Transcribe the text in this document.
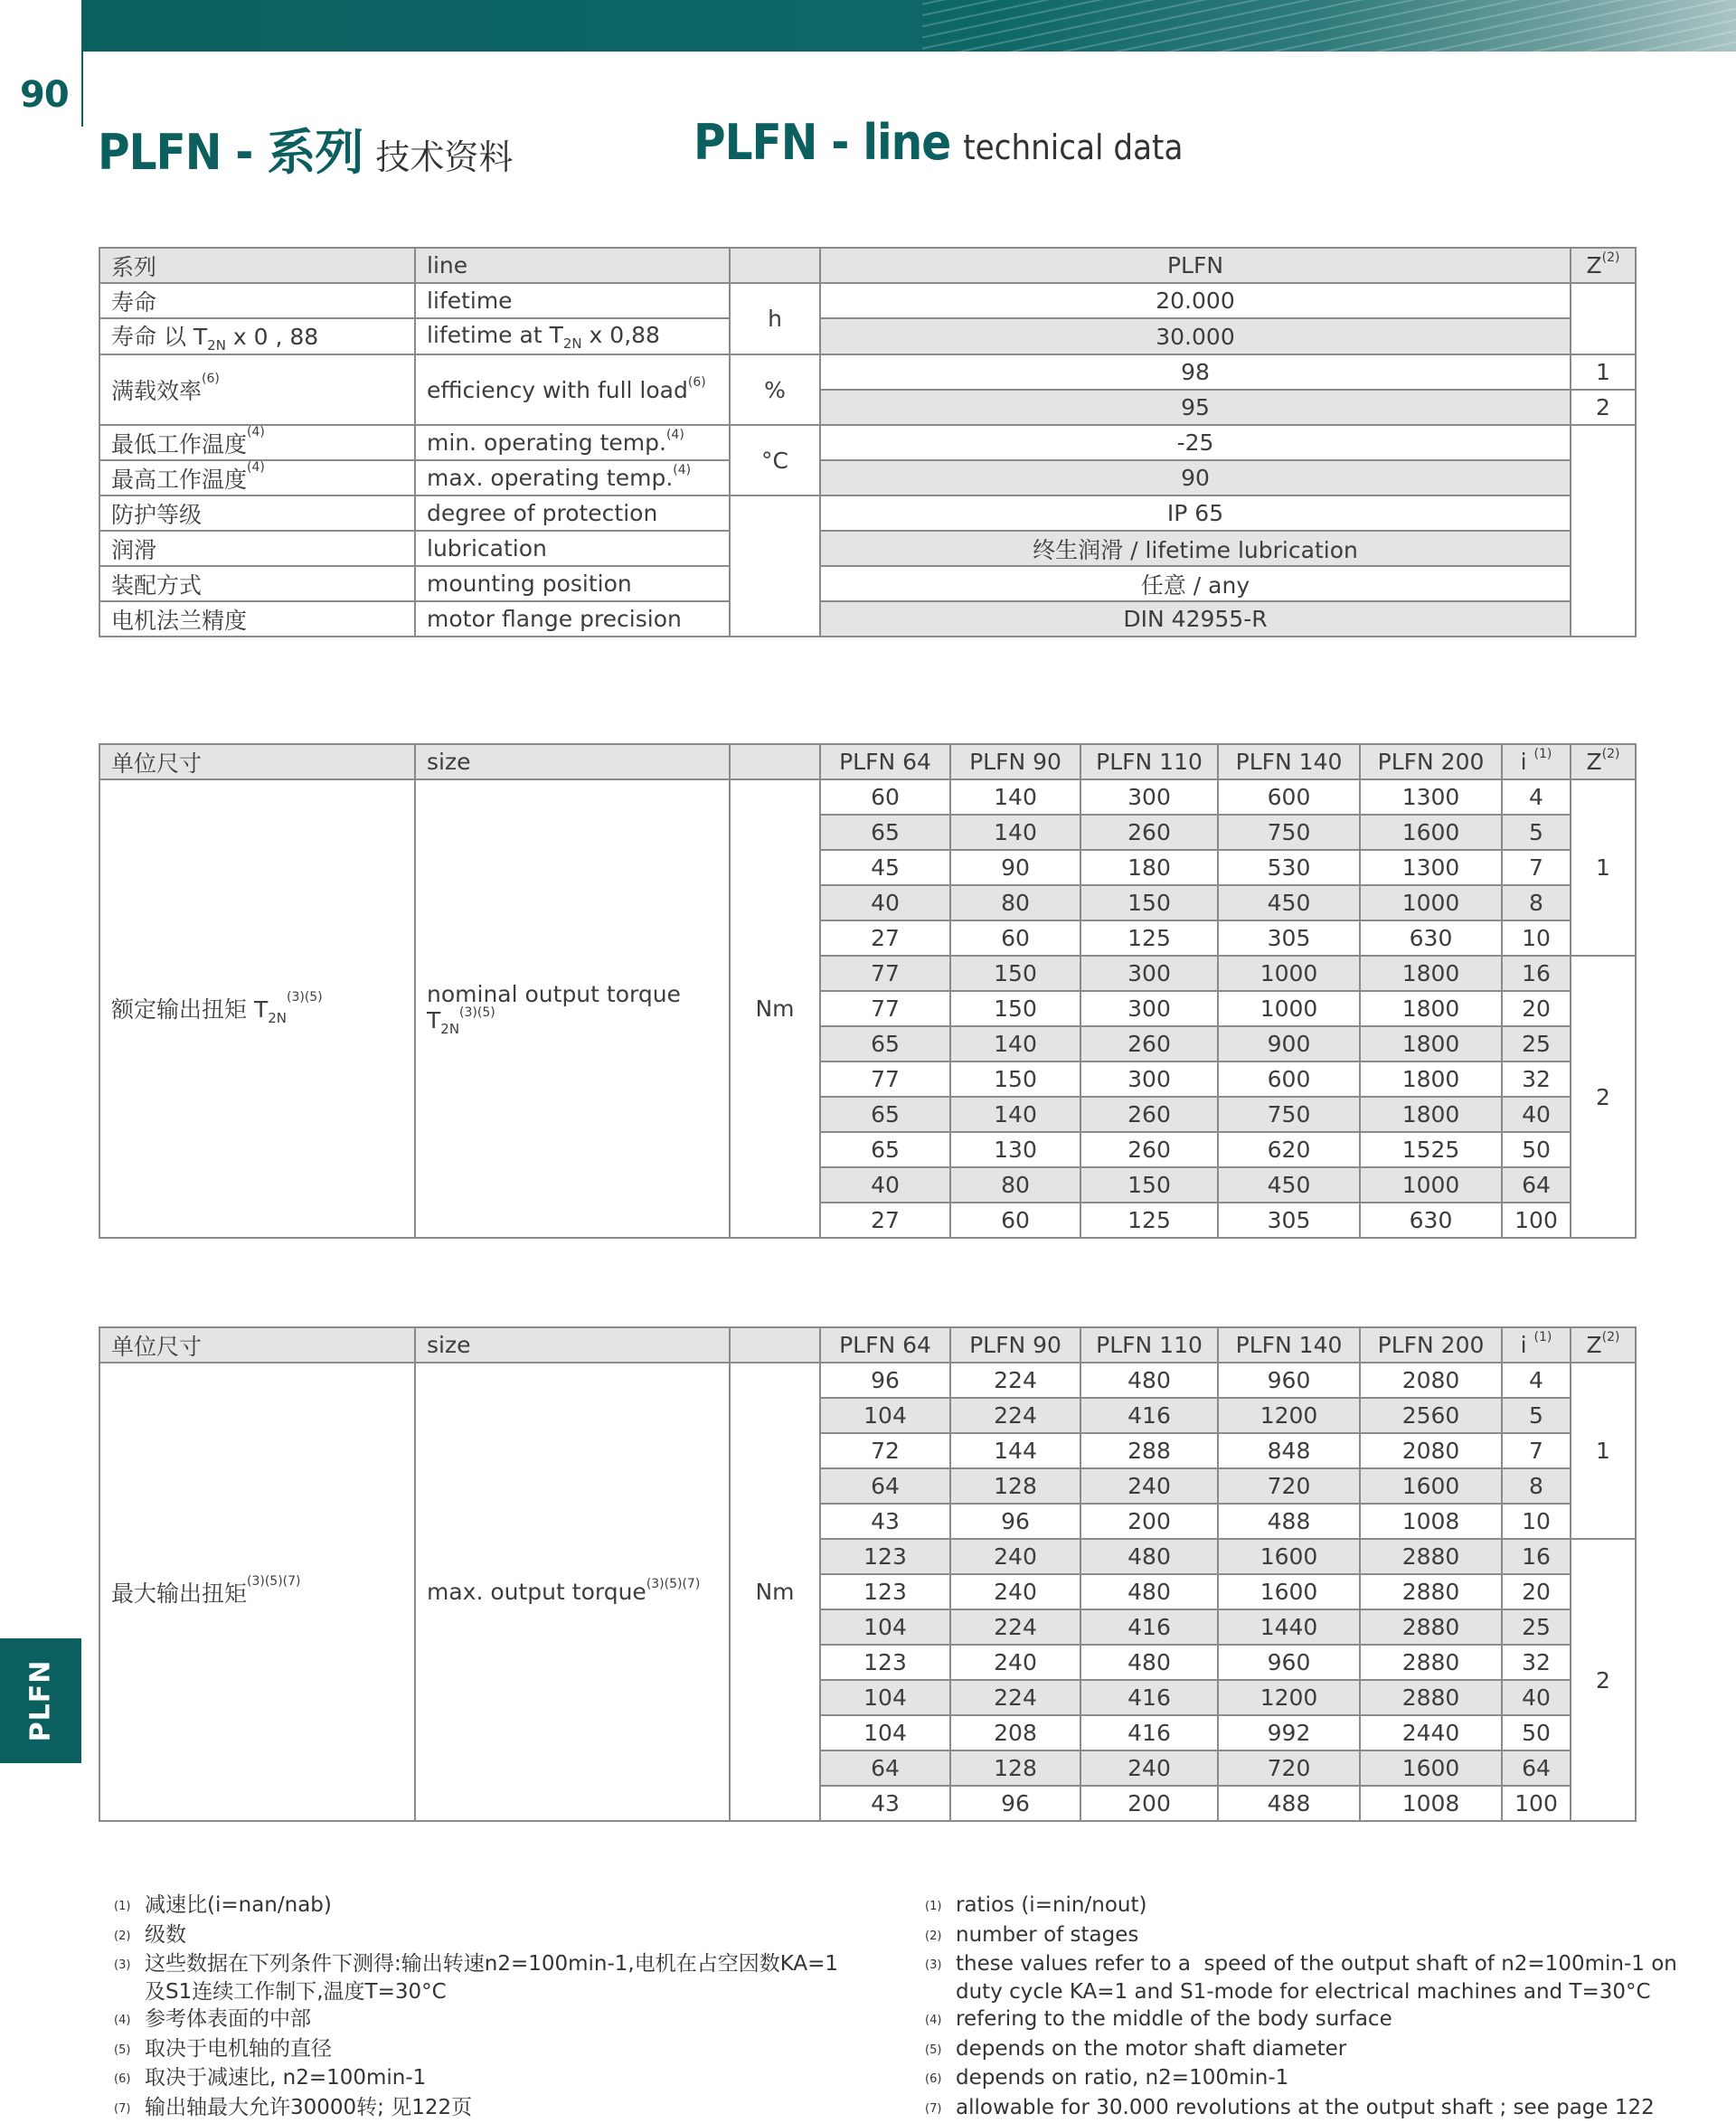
90
PLFN - 系列 技术资料	PLFN - line technical data
PLFN
系列	line		PLFN	$Z^{(2)}$
寿命	lifetime	h	20.000	
寿命 以 $T_{2N}$ x 0 , 88	lifetime at $T_{2N}$ x 0,88		30.000	
满载效率$^{(6)}$	efficiency with full load$^{(6)}$	%	98	1
			95	2
最低工作温度$^{(4)}$	min. operating temp.$^{(4)}$	°C	-25	
最高工作温度$^{(4)}$	max. operating temp.$^{(4)}$		90	
防护等级	degree of protection		IP 65	
润滑	lubrication		终生润滑 / lifetime lubrication	
装配方式	mounting position		任意 / any	
电机法兰精度	motor flange precision		DIN 42955-R	
单位尺寸	size		PLFN 64	PLFN 90	PLFN 110	PLFN 140	PLFN 200	i $^{(1)}$	$Z^{(2)}$
额定输出扭矩 $T_{2N}^{(3)(5)}$	nominal output torque
$T_{2N}^{(3)(5)}$	Nm	60	140	300	600	1300	4	1
			65	140	260	750	1600	5	
			45	90	180	530	1300	7	
			40	80	150	450	1000	8	
			27	60	125	305	630	10	
			77	150	300	1000	1800	16	2
			77	150	300	1000	1800	20	
			65	140	260	900	1800	25	
			77	150	300	600	1800	32	
			65	140	260	750	1800	40	
			65	130	260	620	1525	50	
			40	80	150	450	1000	64	
			27	60	125	305	630	100	
单位尺寸	size		PLFN 64	PLFN 90	PLFN 110	PLFN 140	PLFN 200	i $^{(1)}$	$Z^{(2)}$
最大输出扭矩$^{(3)(5)(7)}$	max. output torque$^{(3)(5)(7)}$	Nm	96	224	480	960	2080	4	1
			104	224	416	1200	2560	5	
			72	144	288	848	2080	7	
			64	128	240	720	1600	8	
			43	96	200	488	1008	10	
			123	240	480	1600	2880	16	2
			123	240	480	1600	2880	20	
			104	224	416	1440	2880	25	
			123	240	480	960	2880	32	
			104	224	416	1200	2880	40	
			104	208	416	992	2440	50	
			64	128	240	720	1600	64	
			43	96	200	488	1008	100	
(1) 减速比(i=nan/nab)
(2) 级数
(3) 这些数据在下列条件下测得:输出转速n2=100min-1,电机在占空因数KA=1
及S1连续工作制下,温度T=30°C
(4) 参考体表面的中部
(5) 取决于电机轴的直径
(6) 取决于减速比, n2=100min-1
(7) 输出轴最大允许30000转; 见122页
(1) ratios (i=nin/nout)
(2) number of stages
(3) these values refer to a  speed of the output shaft of n2=100min-1 on
duty cycle KA=1 and S1-mode for electrical machines and T=30°C
(4) refering to the middle of the body surface
(5) depends on the motor shaft diameter
(6) depends on ratio, n2=100min-1
(7) allowable for 30.000 revolutions at the output shaft ; see page 122
